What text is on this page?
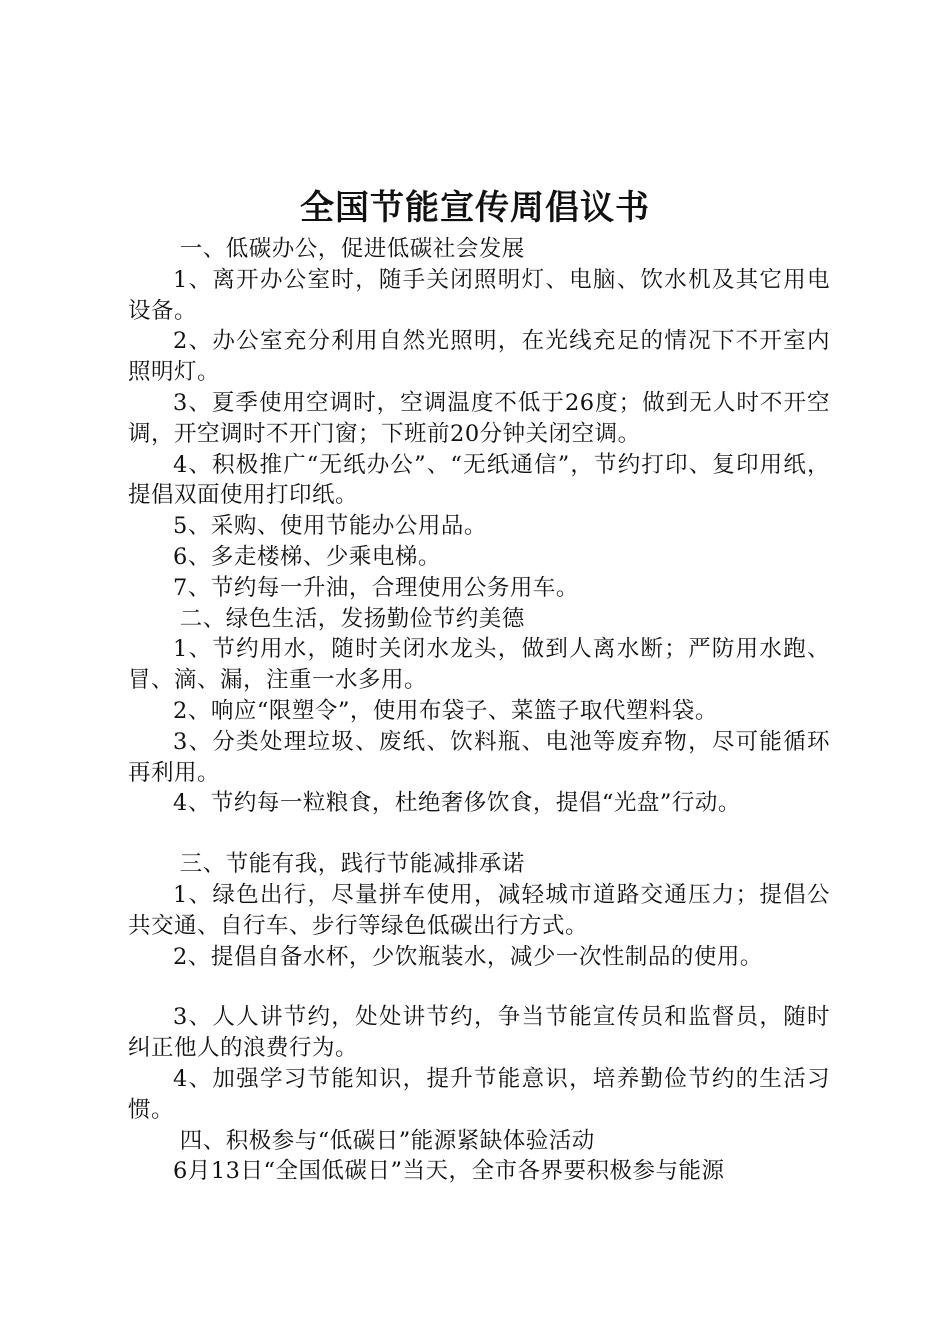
全国节能宣传周倡议书

一、低碳办公，促进低碳社会发展

1、离开办公室时，随手关闭照明灯、电脑、饮水机及其它用电设备。

2、办公室充分利用自然光照明，在光线充足的情况下不开室内照明灯。

3、夏季使用空调时，空调温度不低于26度；做到无人时不开空调，开空调时不开门窗；下班前20分钟关闭空调。

4、积极推广“无纸办公”、“无纸通信”，节约打印、复印用纸，提倡双面使用打印纸。

5、采购、使用节能办公用品。

6、多走楼梯、少乘电梯。

7、节约每一升油，合理使用公务用车。

二、绿色生活，发扬勤俭节约美德

1、节约用水，随时关闭水龙头，做到人离水断；严防用水跑、冒、滴、漏，注重一水多用。

2、响应“限塑令”，使用布袋子、菜篮子取代塑料袋。

3、分类处理垃圾、废纸、饮料瓶、电池等废弃物，尽可能循环再利用。

4、节约每一粒粮食，杜绝奢侈饮食，提倡“光盘”行动。

三、节能有我，践行节能减排承诺

1、绿色出行，尽量拼车使用，减轻城市道路交通压力；提倡公共交通、自行车、步行等绿色低碳出行方式。

2、提倡自备水杯，少饮瓶装水，减少一次性制品的使用。

3、人人讲节约，处处讲节约，争当节能宣传员和监督员，随时纠正他人的浪费行为。

4、加强学习节能知识，提升节能意识，培养勤俭节约的生活习惯。

四、积极参与“低碳日”能源紧缺体验活动

6月13日“全国低碳日”当天，全市各界要积极参与能源
